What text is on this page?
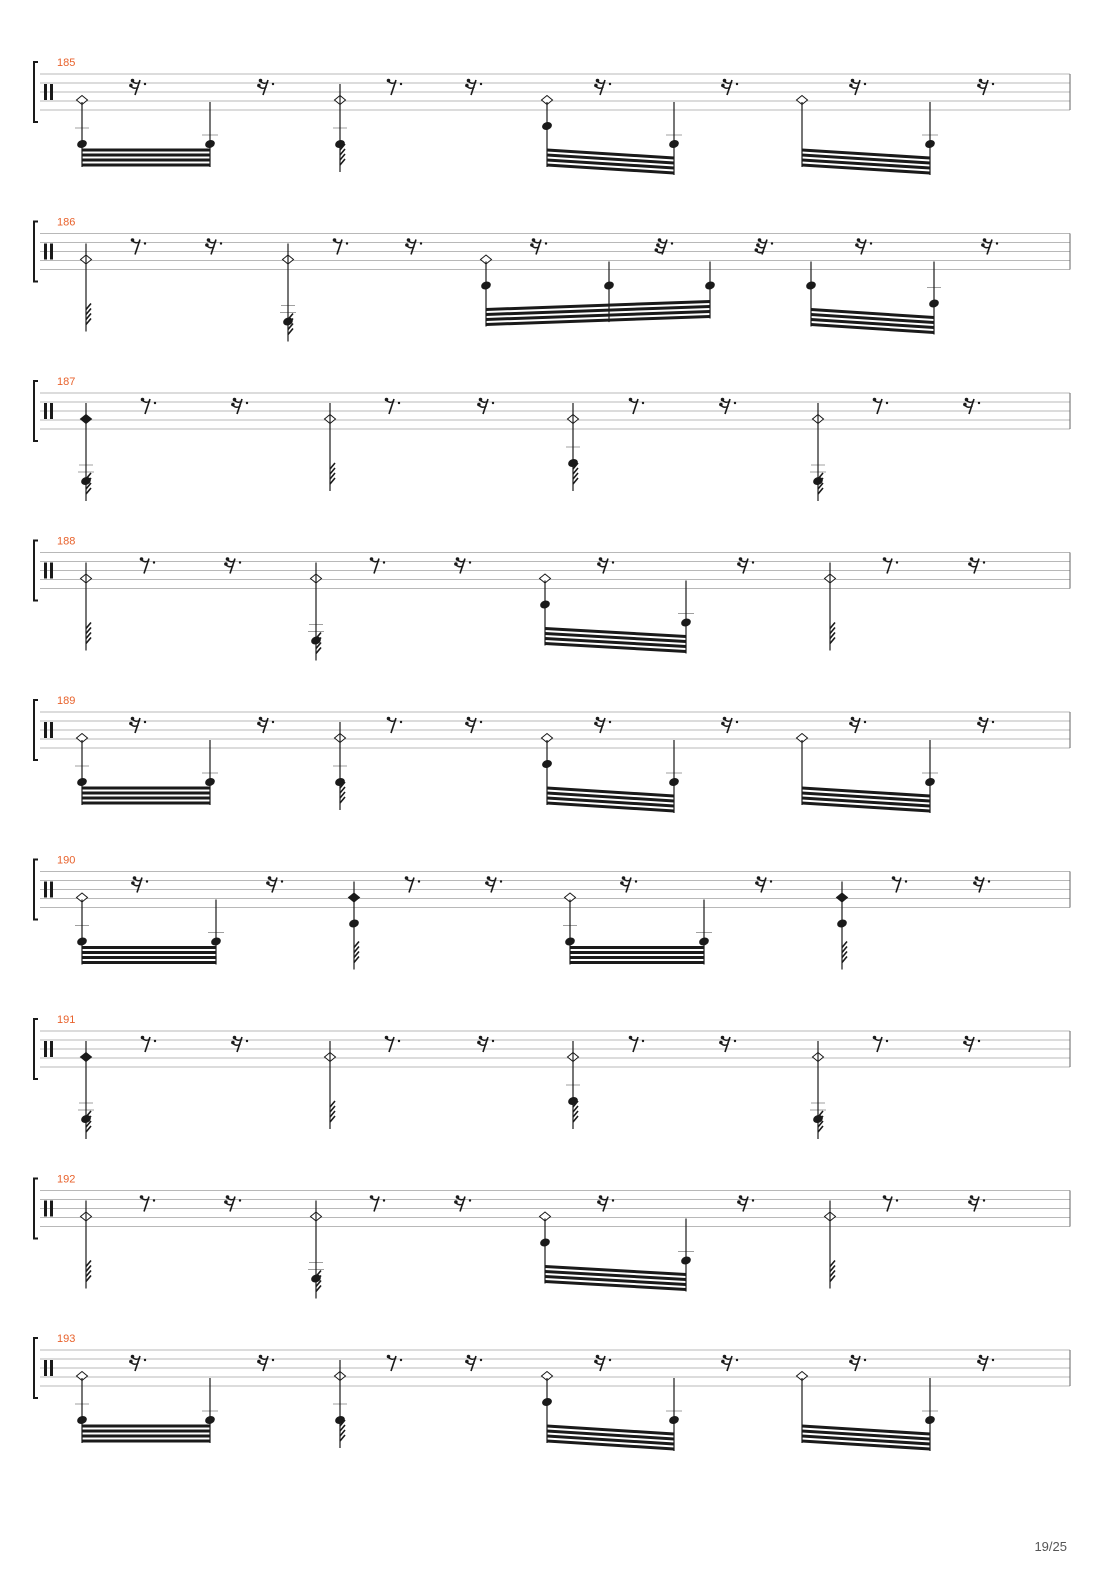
185
186
187
188
189
190
191
192
193
19/25
